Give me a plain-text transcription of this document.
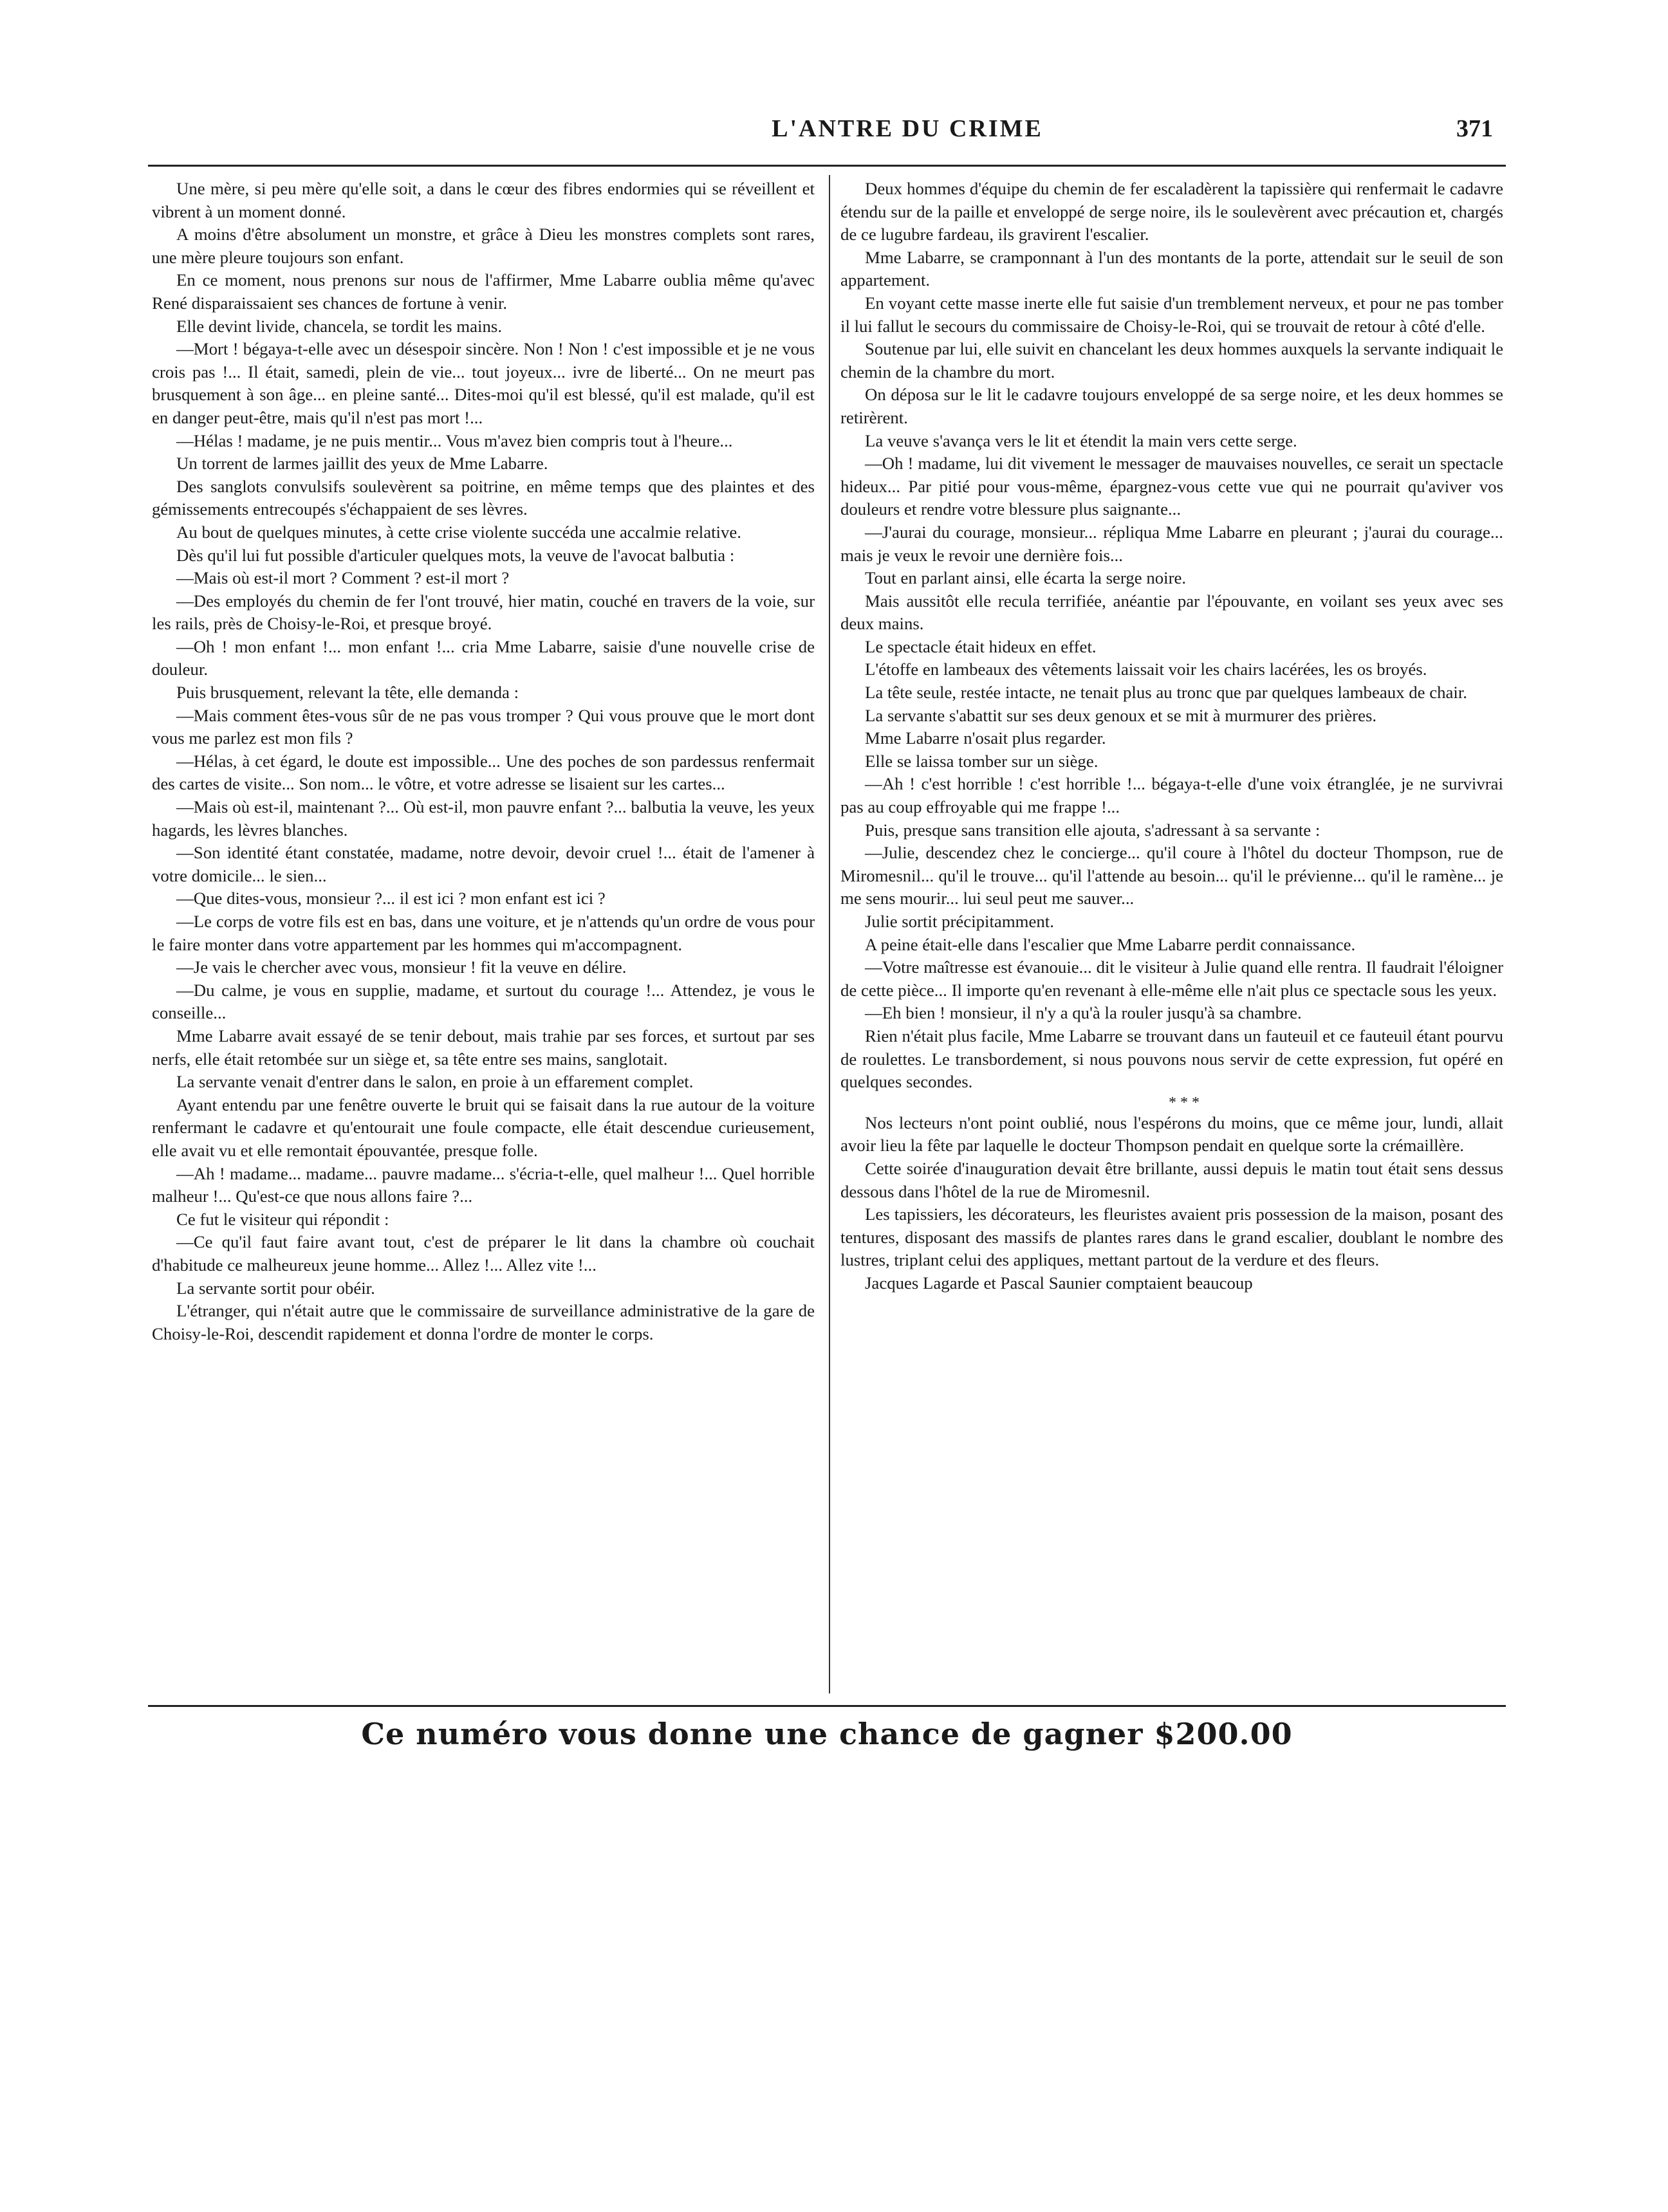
L'ANTRE DU CRIME	371

Une mère, si peu mère qu'elle soit, a dans le cœur des fibres endormies qui se réveillent et vibrent à un moment donné.

A moins d'être absolument un monstre, et grâce à Dieu les monstres complets sont rares, une mère pleure toujours son enfant.

En ce moment, nous prenons sur nous de l'affirmer, Mme Labarre oublia même qu'avec René disparaissaient ses chances de fortune à venir.

Elle devint livide, chancela, se tordit les mains.

—Mort ! bégaya-t-elle avec un désespoir sincère. Non ! Non ! c'est impossible et je ne vous crois pas !... Il était, samedi, plein de vie... tout joyeux... ivre de liberté... On ne meurt pas brusquement à son âge... en pleine santé... Dites-moi qu'il est blessé, qu'il est malade, qu'il est en danger peut-être, mais qu'il n'est pas mort !...

—Hélas ! madame, je ne puis mentir... Vous m'avez bien compris tout à l'heure...

Un torrent de larmes jaillit des yeux de Mme Labarre.

Des sanglots convulsifs soulevèrent sa poitrine, en même temps que des plaintes et des gémissements entrecoupés s'échappaient de ses lèvres.

Au bout de quelques minutes, à cette crise violente succéda une accalmie relative.

Dès qu'il lui fut possible d'articuler quelques mots, la veuve de l'avocat balbutia :

—Mais où est-il mort ? Comment ? est-il mort ?

—Des employés du chemin de fer l'ont trouvé, hier matin, couché en travers de la voie, sur les rails, près de Choisy-le-Roi, et presque broyé.

—Oh ! mon enfant !... mon enfant !... cria Mme Labarre, saisie d'une nouvelle crise de douleur.

Puis brusquement, relevant la tête, elle demanda :

—Mais comment êtes-vous sûr de ne pas vous tromper ? Qui vous prouve que le mort dont vous me parlez est mon fils ?

—Hélas, à cet égard, le doute est impossible... Une des poches de son pardessus renfermait des cartes de visite... Son nom... le vôtre, et votre adresse se lisaient sur les cartes...

—Mais où est-il, maintenant ?... Où est-il, mon pauvre enfant ?... balbutia la veuve, les yeux hagards, les lèvres blanches.

—Son identité étant constatée, madame, notre devoir, devoir cruel !... était de l'amener à votre domicile... le sien...

—Que dites-vous, monsieur ?... il est ici ? mon enfant est ici ?

—Le corps de votre fils est en bas, dans une voiture, et je n'attends qu'un ordre de vous pour le faire monter dans votre appartement par les hommes qui m'accompagnent.

—Je vais le chercher avec vous, monsieur ! fit la veuve en délire.

—Du calme, je vous en supplie, madame, et surtout du courage !... Attendez, je vous le conseille...

Mme Labarre avait essayé de se tenir debout, mais trahie par ses forces, et surtout par ses nerfs, elle était retombée sur un siège et, sa tête entre ses mains, sanglotait.

La servante venait d'entrer dans le salon, en proie à un effarement complet.

Ayant entendu par une fenêtre ouverte le bruit qui se faisait dans la rue autour de la voiture renfermant le cadavre et qu'entourait une foule compacte, elle était descendue curieusement, elle avait vu et elle remontait épouvantée, presque folle.

—Ah ! madame... madame... pauvre madame... s'écria-t-elle, quel malheur !... Quel horrible malheur !... Qu'est-ce que nous allons faire ?...

Ce fut le visiteur qui répondit :

—Ce qu'il faut faire avant tout, c'est de préparer le lit dans la chambre où couchait d'habitude ce malheureux jeune homme... Allez !... Allez vite !...

La servante sortit pour obéir.

L'étranger, qui n'était autre que le commissaire de surveillance administrative de la gare de Choisy-le-Roi, descendit rapidement et donna l'ordre de monter le corps.

Deux hommes d'équipe du chemin de fer escaladèrent la tapissière qui renfermait le cadavre étendu sur de la paille et enveloppé de serge noire, ils le soulevèrent avec précaution et, chargés de ce lugubre fardeau, ils gravirent l'escalier.

Mme Labarre, se cramponnant à l'un des montants de la porte, attendait sur le seuil de son appartement.

En voyant cette masse inerte elle fut saisie d'un tremblement nerveux, et pour ne pas tomber il lui fallut le secours du commissaire de Choisy-le-Roi, qui se trouvait de retour à côté d'elle.

Soutenue par lui, elle suivit en chancelant les deux hommes auxquels la servante indiquait le chemin de la chambre du mort.

On déposa sur le lit le cadavre toujours enveloppé de sa serge noire, et les deux hommes se retirèrent.

La veuve s'avança vers le lit et étendit la main vers cette serge.

—Oh ! madame, lui dit vivement le messager de mauvaises nouvelles, ce serait un spectacle hideux... Par pitié pour vous-même, épargnez-vous cette vue qui ne pourrait qu'aviver vos douleurs et rendre votre blessure plus saignante...

—J'aurai du courage, monsieur... répliqua Mme Labarre en pleurant ; j'aurai du courage... mais je veux le revoir une dernière fois...

Tout en parlant ainsi, elle écarta la serge noire.

Mais aussitôt elle recula terrifiée, anéantie par l'épouvante, en voilant ses yeux avec ses deux mains.

Le spectacle était hideux en effet.

L'étoffe en lambeaux des vêtements laissait voir les chairs lacérées, les os broyés.

La tête seule, restée intacte, ne tenait plus au tronc que par quelques lambeaux de chair.

La servante s'abattit sur ses deux genoux et se mit à murmurer des prières.

Mme Labarre n'osait plus regarder.

Elle se laissa tomber sur un siège.

—Ah ! c'est horrible ! c'est horrible !... bégaya-t-elle d'une voix étranglée, je ne survivrai pas au coup effroyable qui me frappe !...

Puis, presque sans transition elle ajouta, s'adressant à sa servante :

—Julie, descendez chez le concierge... qu'il coure à l'hôtel du docteur Thompson, rue de Miromesnil... qu'il le trouve... qu'il l'attende au besoin... qu'il le prévienne... qu'il le ramène... je me sens mourir... lui seul peut me sauver...

Julie sortit précipitamment.

A peine était-elle dans l'escalier que Mme Labarre perdit connaissance.

—Votre maîtresse est évanouie... dit le visiteur à Julie quand elle rentra. Il faudrait l'éloigner de cette pièce... Il importe qu'en revenant à elle-même elle n'ait plus ce spectacle sous les yeux.

—Eh bien ! monsieur, il n'y a qu'à la rouler jusqu'à sa chambre.

Rien n'était plus facile, Mme Labarre se trouvant dans un fauteuil et ce fauteuil étant pourvu de roulettes. Le transbordement, si nous pouvons nous servir de cette expression, fut opéré en quelques secondes.

* * *

Nos lecteurs n'ont point oublié, nous l'espérons du moins, que ce même jour, lundi, allait avoir lieu la fête par laquelle le docteur Thompson pendait en quelque sorte la crémaillère.

Cette soirée d'inauguration devait être brillante, aussi depuis le matin tout était sens dessus dessous dans l'hôtel de la rue de Miromesnil.

Les tapissiers, les décorateurs, les fleuristes avaient pris possession de la maison, posant des tentures, disposant des massifs de plantes rares dans le grand escalier, doublant le nombre des lustres, triplant celui des appliques, mettant partout de la verdure et des fleurs.

Jacques Lagarde et Pascal Saunier comptaient beaucoup

Ce numéro vous donne une chance de gagner $200.00
